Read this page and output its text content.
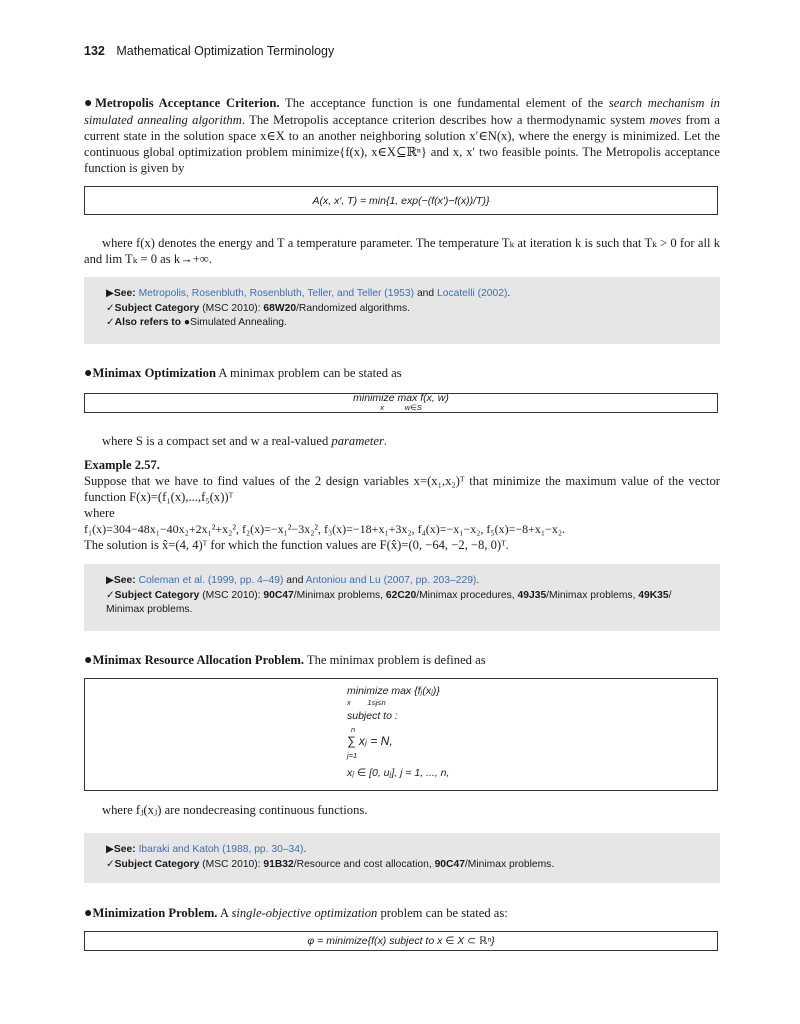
132 Mathematical Optimization Terminology

●Metropolis Acceptance Criterion. The acceptance function is one fundamental element of the search mechanism in simulated annealing algorithm. The Metropolis acceptance criterion describes how a thermodynamic system moves from a current state in the solution space x∈X to an another neighboring solution x′∈N(x), where the energy is minimized. Let the continuous global optimization problem minimize{f(x), x∈X⊆ℝⁿ} and x, x′ two feasible points. The Metropolis acceptance function is given by

A(x, x′, T) = min{1, exp(−(f(x′)−f(x))/T)}

where f(x) denotes the energy and T a temperature parameter. The temperature Tₖ at iteration k is such that Tₖ > 0 for all k and lim Tₖ = 0 as k→+∞.

▶See: Metropolis, Rosenbluth, Rosenbluth, Teller, and Teller (1953) and Locatelli (2002).

✓Subject Category (MSC 2010): 68W20/Randomized algorithms.

✓Also refers to ●Simulated Annealing.

●Minimax Optimization A minimax problem can be stated as

minimize max f(x, w)
x          w∈S

where S is a compact set and w a real-valued parameter.

Example 2.57.

Suppose that we have to find values of the 2 design variables x=(x₁,x₂)ᵀ that minimize the maximum value of the vector function F(x)=(f₁(x),...,f₅(x))ᵀ

where

f₁(x)=304−48x₁−40x₂+2x₁²+x₂², f₂(x)=−x₁²−3x₂², f₃(x)=−18+x₁+3x₂, f₄(x)=−x₁−x₂, f₅(x)=−8+x₁−x₂.

The solution is x̂=(4, 4)ᵀ for which the function values are F(x̂)=(0, −64, −2, −8, 0)ᵀ.

▶See: Coleman et al. (1999, pp. 4–49) and Antoniou and Lu (2007, pp. 203–229).

✓Subject Category (MSC 2010): 90C47/Minimax problems, 62C20/Minimax procedures, 49J35/Minimax problems, 49K35/ Minimax problems.

●Minimax Resource Allocation Problem. The minimax problem is defined as

minimize max {fⱼ(xⱼ)}
x        1≤j≤n
subject to :
n
∑ xⱼ = N,
j=1
xⱼ ∈ [0, uⱼ], j = 1, ..., n,

where fⱼ(xⱼ) are nondecreasing continuous functions.

▶See: Ibaraki and Katoh (1988, pp. 30–34).

✓Subject Category (MSC 2010): 91B32/Resource and cost allocation, 90C47/Minimax problems.

●Minimization Problem. A single-objective optimization problem can be stated as:

φ = minimize{f(x) subject to x ∈ X ⊂ ℝⁿ}
